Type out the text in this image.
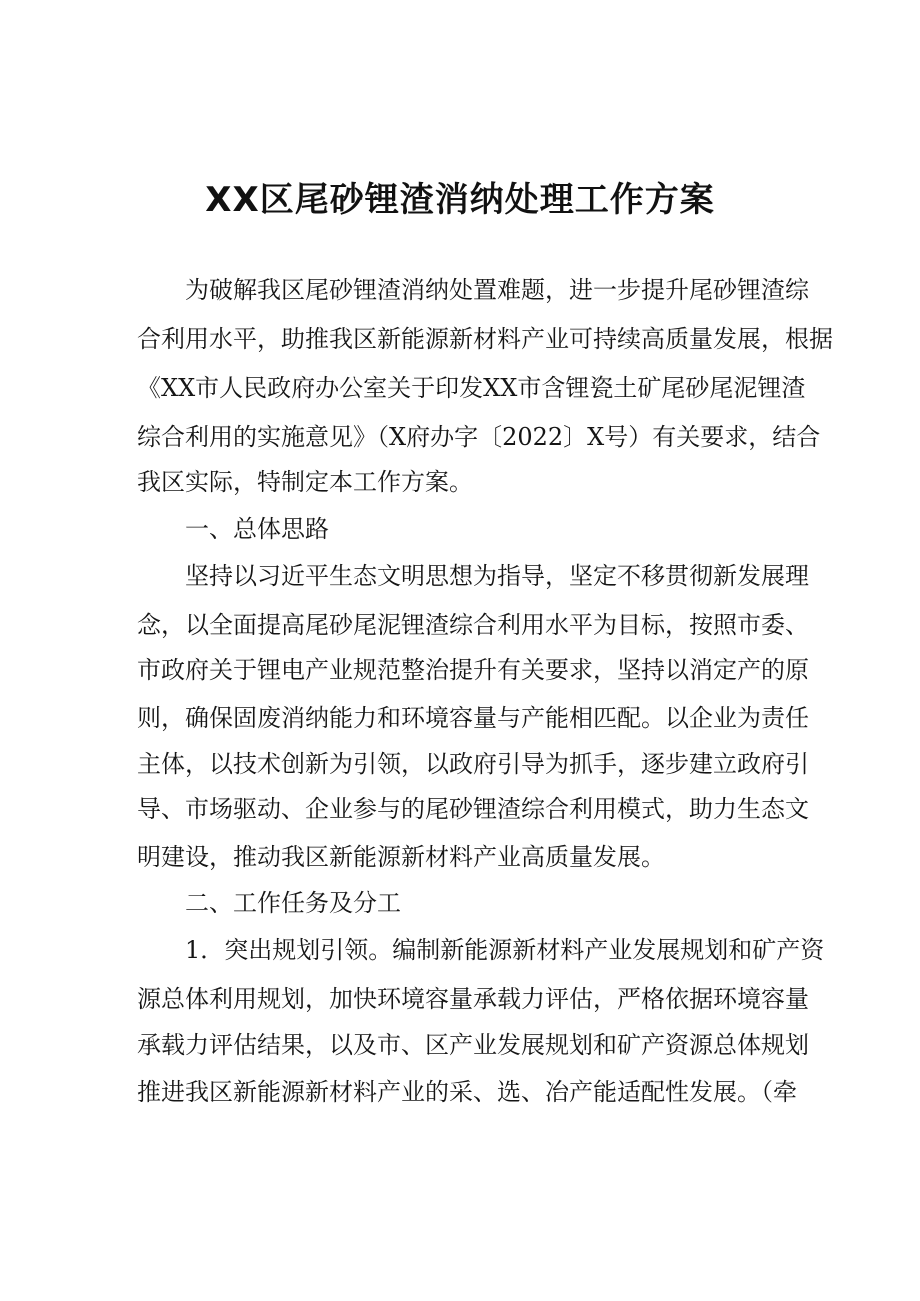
XX区尾砂锂渣消纳处理工作方案
为破解我区尾砂锂渣消纳处置难题，进一步提升尾砂锂渣综
合利用水平，助推我区新能源新材料产业可持续高质量发展，根据
《XX市人民政府办公室关于印发XX市含锂瓷土矿尾砂尾泥锂渣
综合利用的实施意见》（X府办字〔2022〕X号）有关要求，结合
我区实际，特制定本工作方案。
一、总体思路
坚持以习近平生态文明思想为指导，坚定不移贯彻新发展理
念，以全面提高尾砂尾泥锂渣综合利用水平为目标，按照市委、
市政府关于锂电产业规范整治提升有关要求，坚持以消定产的原
则，确保固废消纳能力和环境容量与产能相匹配。以企业为责任
主体，以技术创新为引领，以政府引导为抓手，逐步建立政府引
导、市场驱动、企业参与的尾砂锂渣综合利用模式，助力生态文
明建设，推动我区新能源新材料产业高质量发展。
二、工作任务及分工
1．突出规划引领。编制新能源新材料产业发展规划和矿产资
源总体利用规划，加快环境容量承载力评估，严格依据环境容量
承载力评估结果，以及市、区产业发展规划和矿产资源总体规划
推进我区新能源新材料产业的采、选、冶产能适配性发展。（牵
